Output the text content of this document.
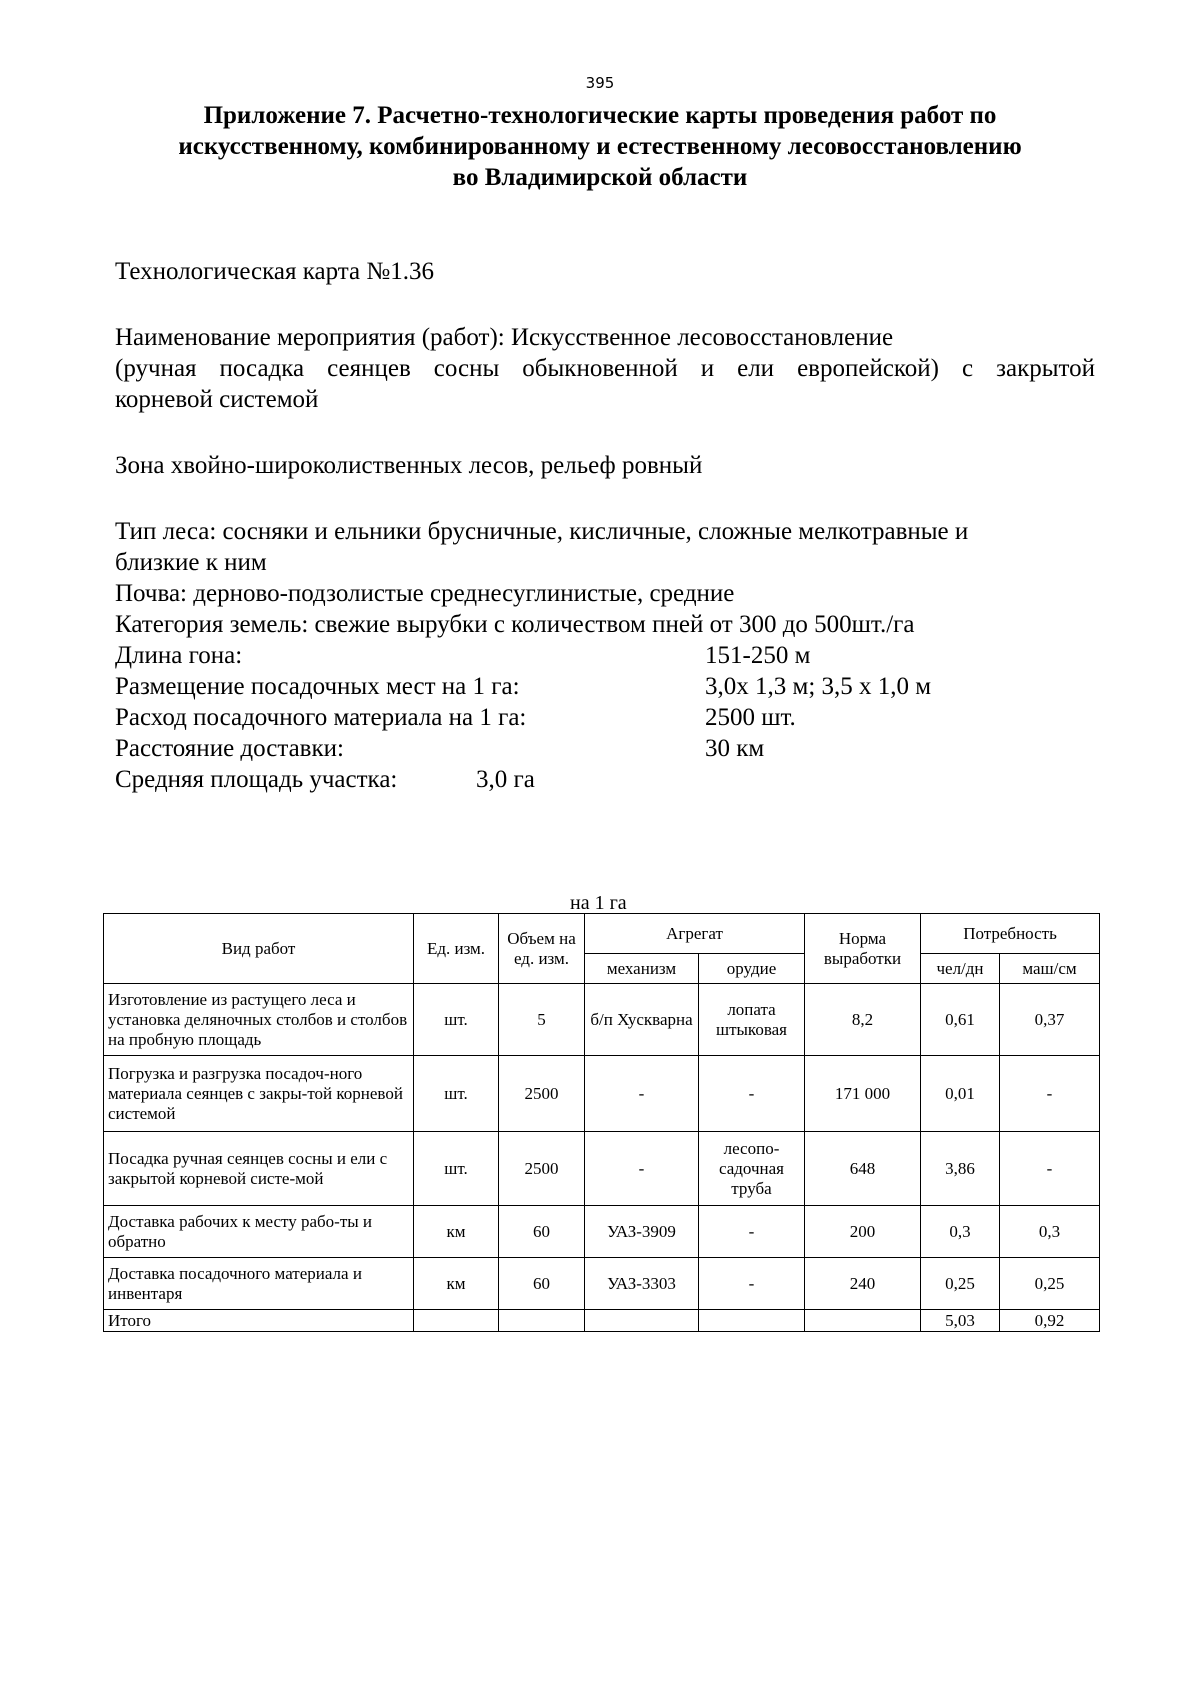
395
Приложение 7. Расчетно-технологические карты проведения работ по
искусственному, комбинированному и естественному лесовосстановлению
во Владимирской области
Технологическая карта №1.36
Наименование мероприятия (работ): Искусственное лесовосстановление
(ручная посадка сеянцев сосны обыкновенной и ели европейской) с закрытой
корневой системой
Зона хвойно-широколиственных лесов, рельеф ровный
Тип леса: сосняки и ельники брусничные, кисличные, сложные мелкотравные и
близкие к ним
Почва: дерново-подзолистые среднесуглинистые, средние
Категория земель: свежие вырубки с количеством пней от 300 до 500шт./га
Длина гона:	151-250 м
Размещение посадочных мест на 1 га:	3,0х 1,3 м; 3,5 х 1,0 м
Расход посадочного материала на 1 га:	2500 шт.
Расстояние доставки:	30 км
Средняя площадь участка:	3,0 га
на 1 га
Вид работ	Ед. изм.	Объем на ед. изм.	Агрегат		Норма выработки	Потребность	
			механизм	орудие		чел/дн	маш/см
Изготовление из растущего леса и установка деляночных столбов и столбов на пробную площадь	шт.	5	б/п Хускварна	лопата штыковая	8,2	0,61	0,37
Погрузка и разгрузка посадоч-ного материала сеянцев с закры-той корневой системой	шт.	2500	-	-	171 000	0,01	-
Посадка ручная сеянцев сосны и ели с закрытой корневой систе-мой	шт.	2500	-	лесопо-садочная труба	648	3,86	-
Доставка рабочих к месту рабо-ты и обратно	км	60	УАЗ-3909	-	200	0,3	0,3
Доставка посадочного материала и инвентаря	км	60	УАЗ-3303	-	240	0,25	0,25
Итого						5,03	0,92
